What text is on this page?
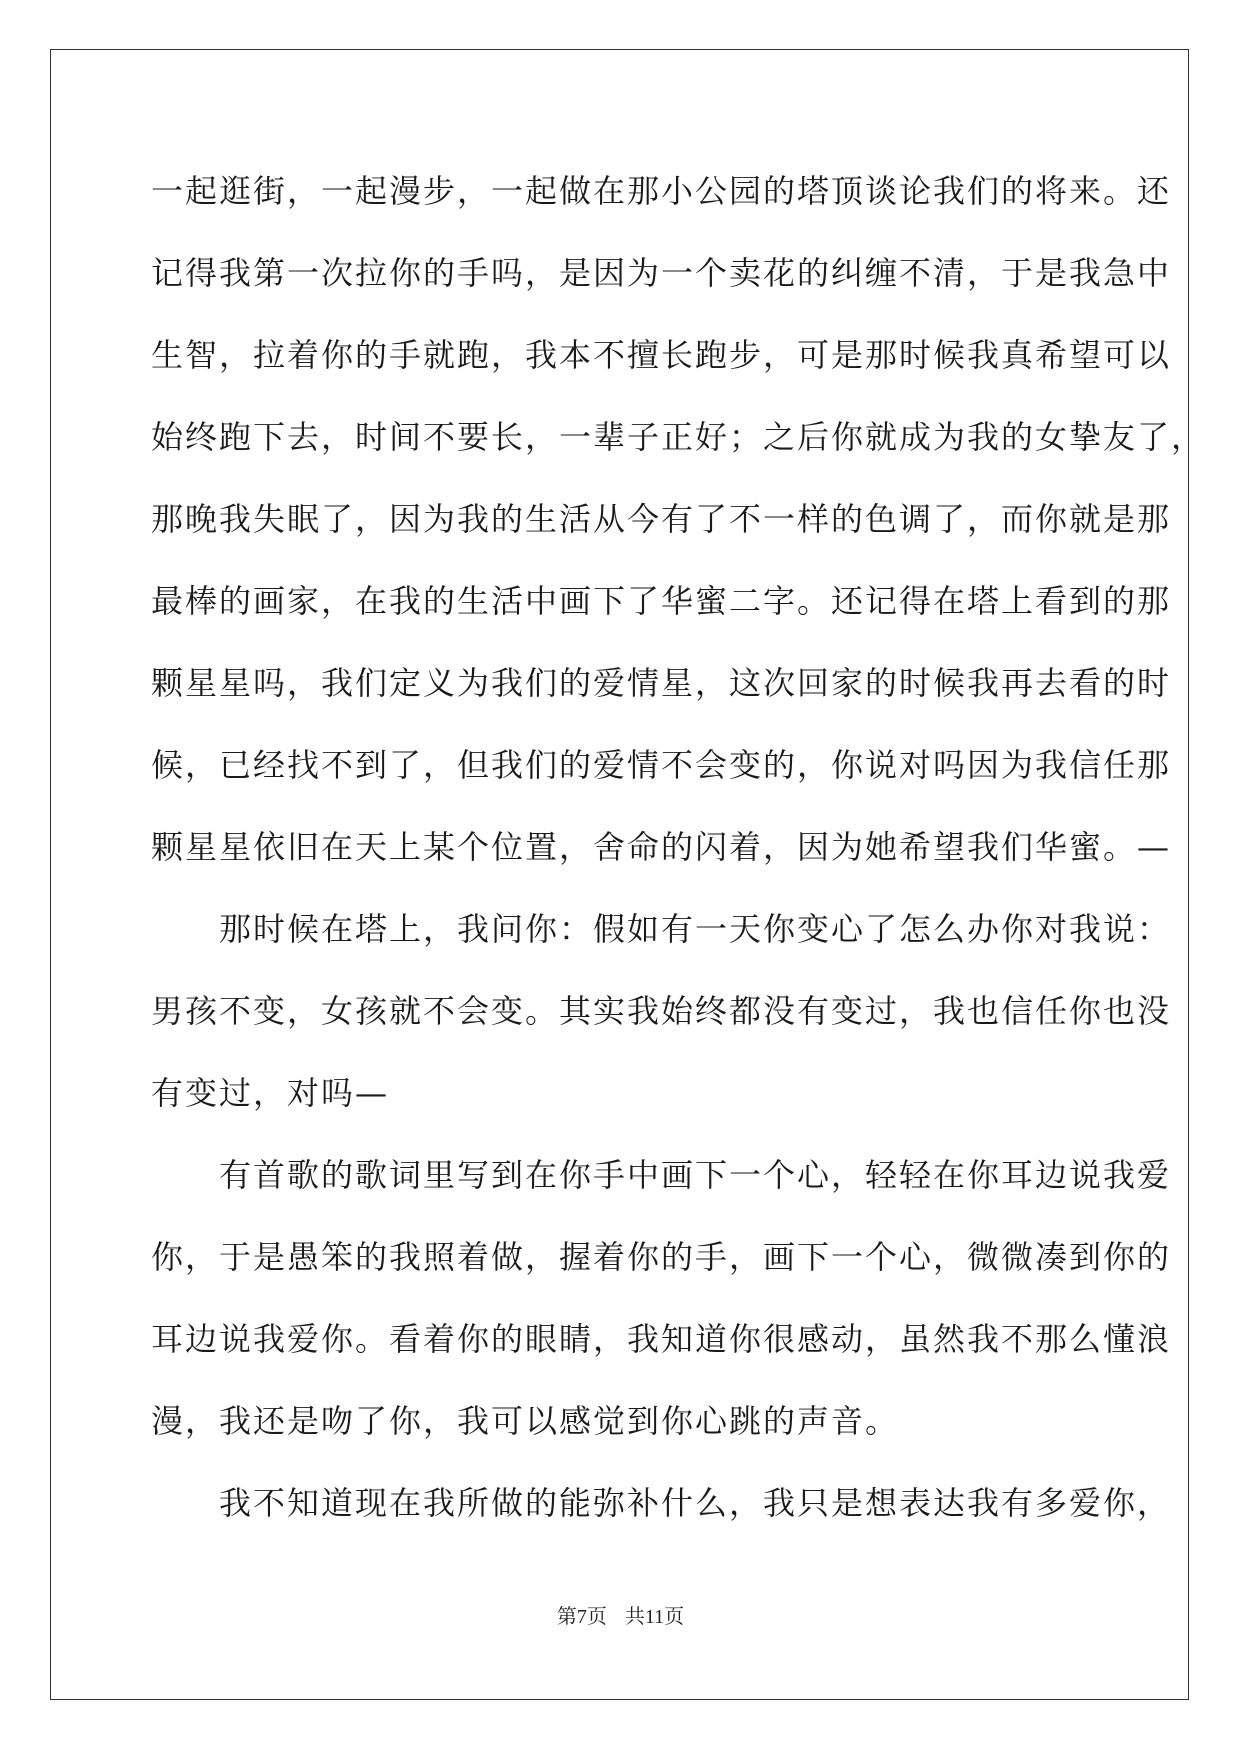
一起逛街，一起漫步，一起做在那小公园的塔顶谈论我们的将来。还
记得我第一次拉你的手吗，是因为一个卖花的纠缠不清，于是我急中
生智，拉着你的手就跑，我本不擅长跑步，可是那时候我真希望可以
始终跑下去，时间不要长，一辈子正好；之后你就成为我的女挚友了，
那晚我失眠了，因为我的生活从今有了不一样的色调了，而你就是那
最棒的画家，在我的生活中画下了华蜜二字。还记得在塔上看到的那
颗星星吗，我们定义为我们的爱情星，这次回家的时候我再去看的时
候，已经找不到了，但我们的爱情不会变的，你说对吗因为我信任那
颗星星依旧在天上某个位置，舍命的闪着，因为她希望我们华蜜。—
　　那时候在塔上，我问你：假如有一天你变心了怎么办你对我说：
男孩不变，女孩就不会变。其实我始终都没有变过，我也信任你也没
有变过，对吗—
　　有首歌的歌词里写到在你手中画下一个心，轻轻在你耳边说我爱
你，于是愚笨的我照着做，握着你的手，画下一个心，微微凑到你的
耳边说我爱你。看着你的眼睛，我知道你很感动，虽然我不那么懂浪
漫，我还是吻了你，我可以感觉到你心跳的声音。
　　我不知道现在我所做的能弥补什么，我只是想表达我有多爱你，
第7页 共11页
